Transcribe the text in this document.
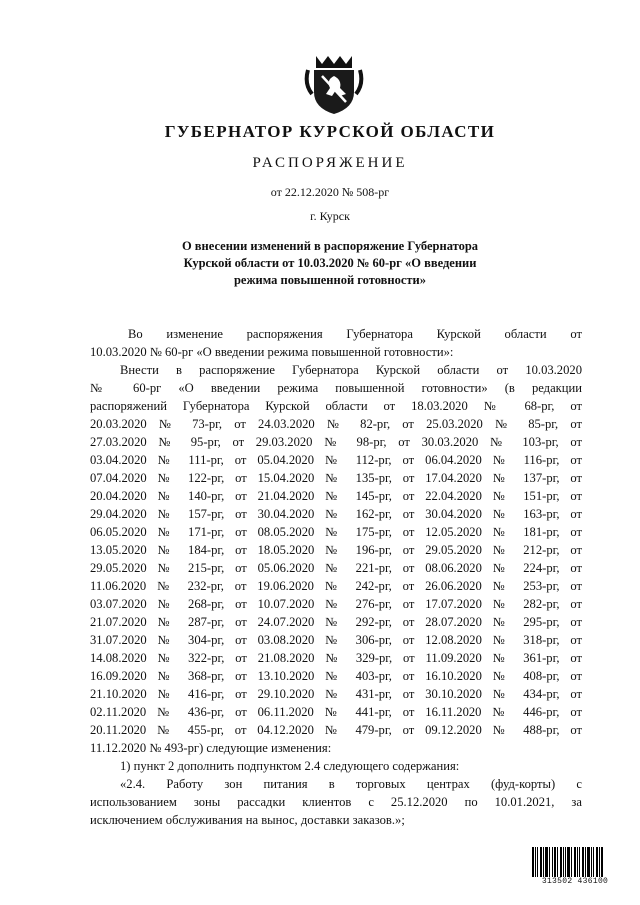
ГУБЕРНАТОР КУРСКОЙ ОБЛАСТИ
РАСПОРЯЖЕНИЕ
от 22.12.2020 № 508-рг
г. Курск
О внесении изменений в распоряжение Губернатора
Курской области от 10.03.2020 № 60-рг «О введении
режима повышенной готовности»
Во изменение распоряжения Губернатора Курской области от
10.03.2020 № 60-рг «О введении режима повышенной готовности»:
Внести в распоряжение Губернатора Курской области от 10.03.2020
№ 60-рг «О введении режима повышенной готовности» (в редакции
распоряжений Губернатора Курской области от 18.03.2020 № 68-рг, от
20.03.2020 № 73-рг, от 24.03.2020 № 82-рг, от 25.03.2020 № 85-рг, от
27.03.2020 № 95-рг, от 29.03.2020 № 98-рг, от 30.03.2020 № 103-рг, от
03.04.2020 № 111-рг, от 05.04.2020 № 112-рг, от 06.04.2020 № 116-рг, от
07.04.2020 № 122-рг, от 15.04.2020 № 135-рг, от 17.04.2020 № 137-рг, от
20.04.2020 № 140-рг, от 21.04.2020 № 145-рг, от 22.04.2020 № 151-рг, от
29.04.2020 № 157-рг, от 30.04.2020 № 162-рг, от 30.04.2020 № 163-рг, от
06.05.2020 № 171-рг, от 08.05.2020 № 175-рг, от 12.05.2020 № 181-рг, от
13.05.2020 № 184-рг, от 18.05.2020 № 196-рг, от 29.05.2020 № 212-рг, от
29.05.2020 № 215-рг, от 05.06.2020 № 221-рг, от 08.06.2020 № 224-рг, от
11.06.2020 № 232-рг, от 19.06.2020 № 242-рг, от 26.06.2020 № 253-рг, от
03.07.2020 № 268-рг, от 10.07.2020 № 276-рг, от 17.07.2020 № 282-рг, от
21.07.2020 № 287-рг, от 24.07.2020 № 292-рг, от 28.07.2020 № 295-рг, от
31.07.2020 № 304-рг, от 03.08.2020 № 306-рг, от 12.08.2020 № 318-рг, от
14.08.2020 № 322-рг, от 21.08.2020 № 329-рг, от 11.09.2020 № 361-рг, от
16.09.2020 № 368-рг, от 13.10.2020 № 403-рг, от 16.10.2020 № 408-рг, от
21.10.2020 № 416-рг, от 29.10.2020 № 431-рг, от 30.10.2020 № 434-рг, от
02.11.2020 № 436-рг, от 06.11.2020 № 441-рг, от 16.11.2020 № 446-рг, от
20.11.2020 № 455-рг, от 04.12.2020 № 479-рг, от 09.12.2020 № 488-рг, от
11.12.2020 № 493-рг) следующие изменения:
1) пункт 2 дополнить подпунктом 2.4 следующего содержания:
«2.4. Работу зон питания в торговых центрах (фуд-корты) с
использованием зоны рассадки клиентов с 25.12.2020 по 10.01.2021, за
исключением обслуживания на вынос, доставки заказов.»;
313502 436100
